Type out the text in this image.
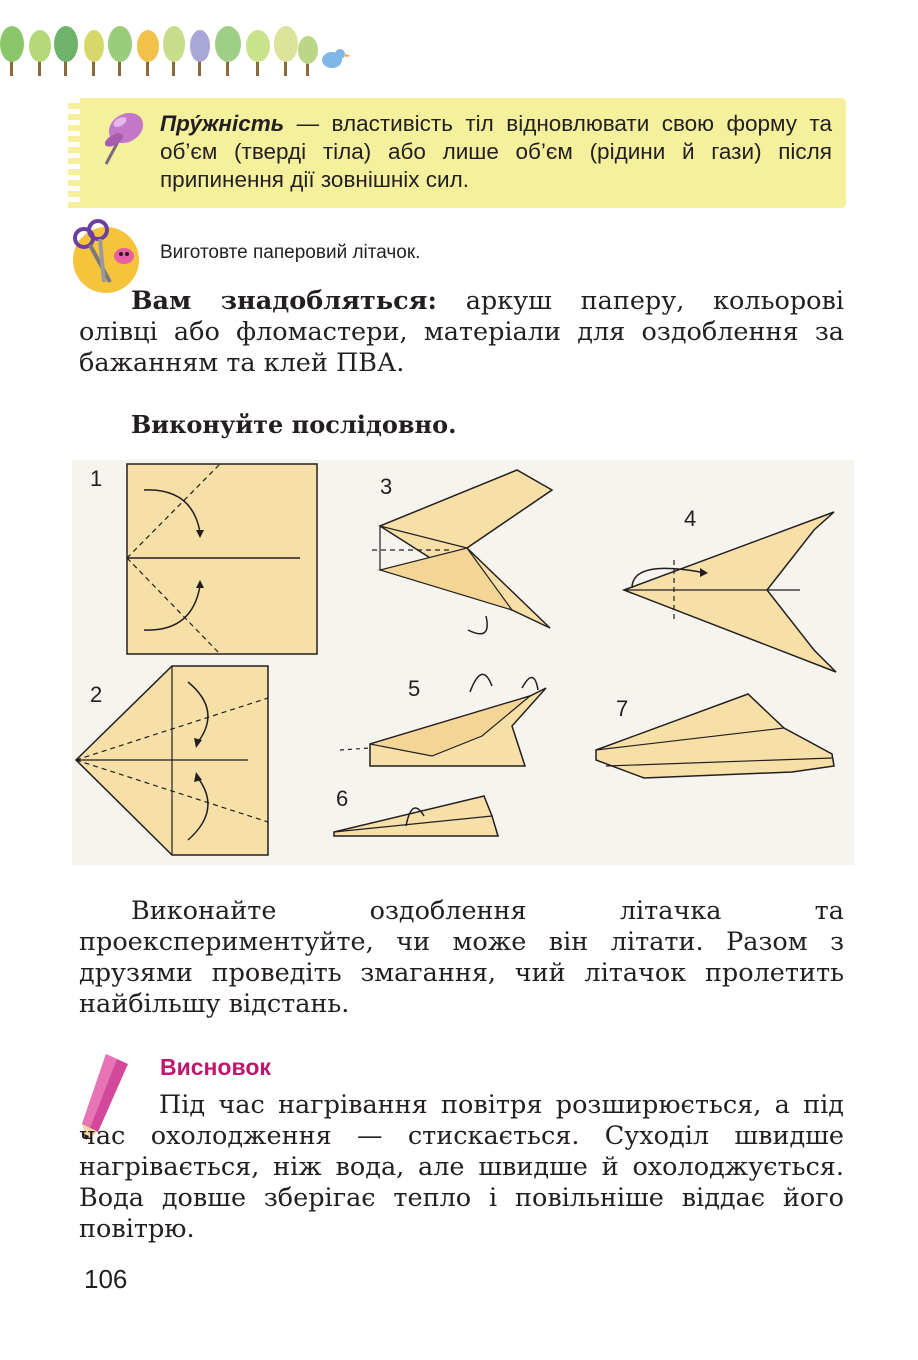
Пру́жність — властивість тіл відновлювати свою форму та об’єм (тверді тіла) або лише об’єм (рідини й гази) після припинення дії зовнішніх сил.
Виготовте паперовий літачок.
Вам знадобляться: аркуш паперу, кольорові олівці або фломастери, матеріали для оздоблення за бажанням та клей ПВА.
Виконуйте послідовно.
1
2
3
4
5
6
7
Виконайте оздоблення літачка та проекспериментуйте, чи може він літати. Разом з друзями проведіть змагання, чий літачок пролетить найбільшу відстань.
Висновок
Під час нагрівання повітря розширюється, а під час охолодження — стискається. Суходіл швидше нагрівається, ніж вода, але швидше й охолоджується. Вода довше зберігає тепло і повільніше віддає його повітрю.
106
